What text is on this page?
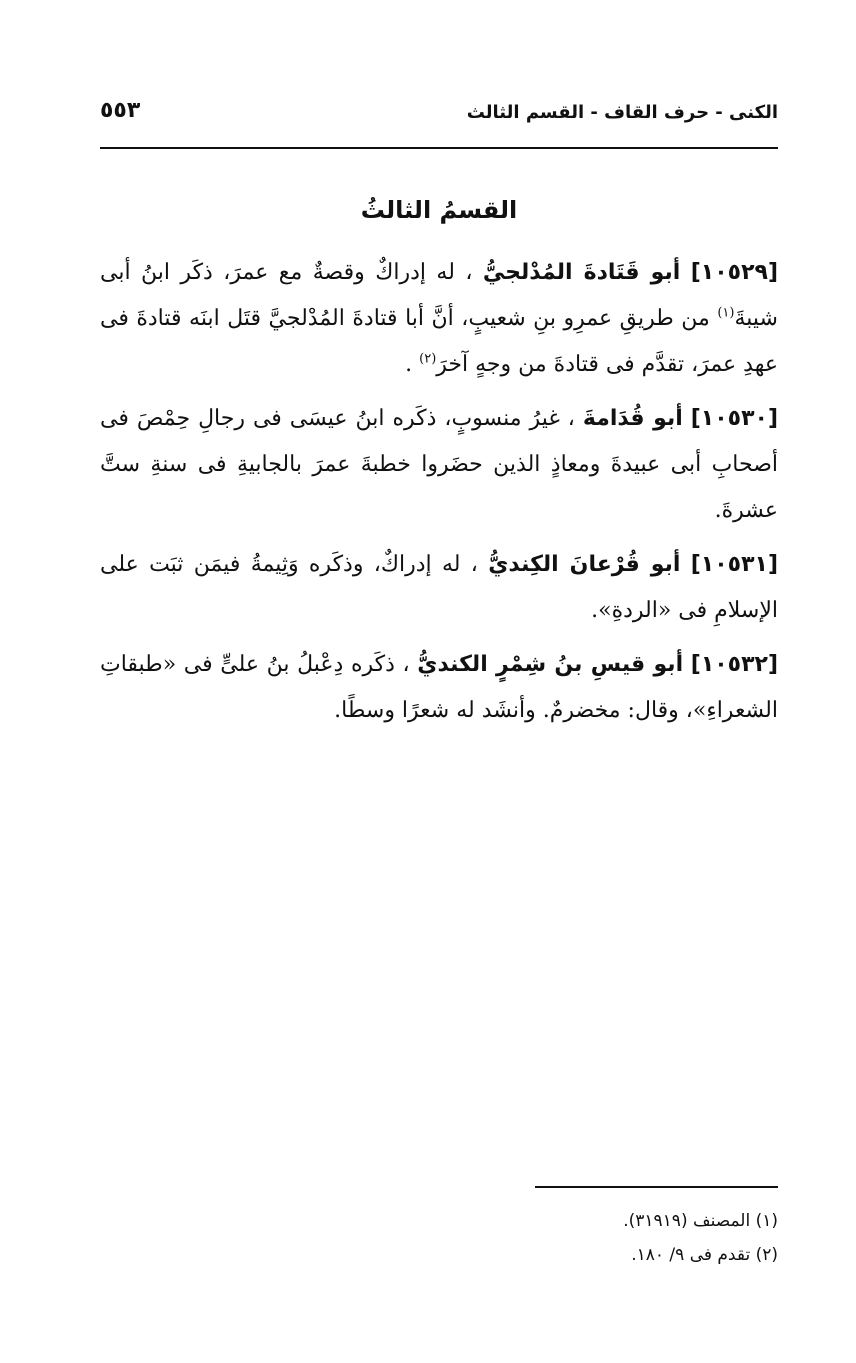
الكنى - حرف القاف - القسم الثالث
٥٥٣
القسمُ الثالثُ

[١٠٥٢٩] أبو قَتَادةَ المُدْلجيُّ ، له إدراكٌ وقصةٌ مع عمرَ، ذكَر ابنُ أبى شيبةَ$^{(١)}$ من طريقِ عمرِو بنِ شعيبٍ، أنَّ أبا قتادةَ المُدْلجيَّ قتَل ابنَه قتادةَ فى عهدِ عمرَ، تقدَّم فى قتادةَ من وجهٍ آخرَ$^{(٢)}$ .

[١٠٥٣٠] أبو قُدَامةَ ، غيرُ منسوبٍ، ذكَره ابنُ عيسَى فى رجالِ حِمْصَ فى أصحابِ أبى عبيدةَ ومعاذٍ الذين حضَروا خطبةَ عمرَ بالجابيةِ فى سنةِ ستَّ عشرةَ.

[١٠٥٣١] أبو قُرْعانَ الكِنديُّ ، له إدراكٌ، وذكَره وَثِيمةُ فيمَن ثبَت على الإسلامِ فى «الردةِ».

[١٠٥٣٢] أبو قيسِ بنُ شِمْرٍ الكنديُّ ، ذكَره دِعْبلُ بنُ علىٍّ فى «طبقاتِ الشعراءِ»، وقال: مخضرمٌ. وأنشَد له شعرًا وسطًا.

(١) المصنف (٣١٩١٩).

(٢) تقدم فى ٩/ ١٨٠.
